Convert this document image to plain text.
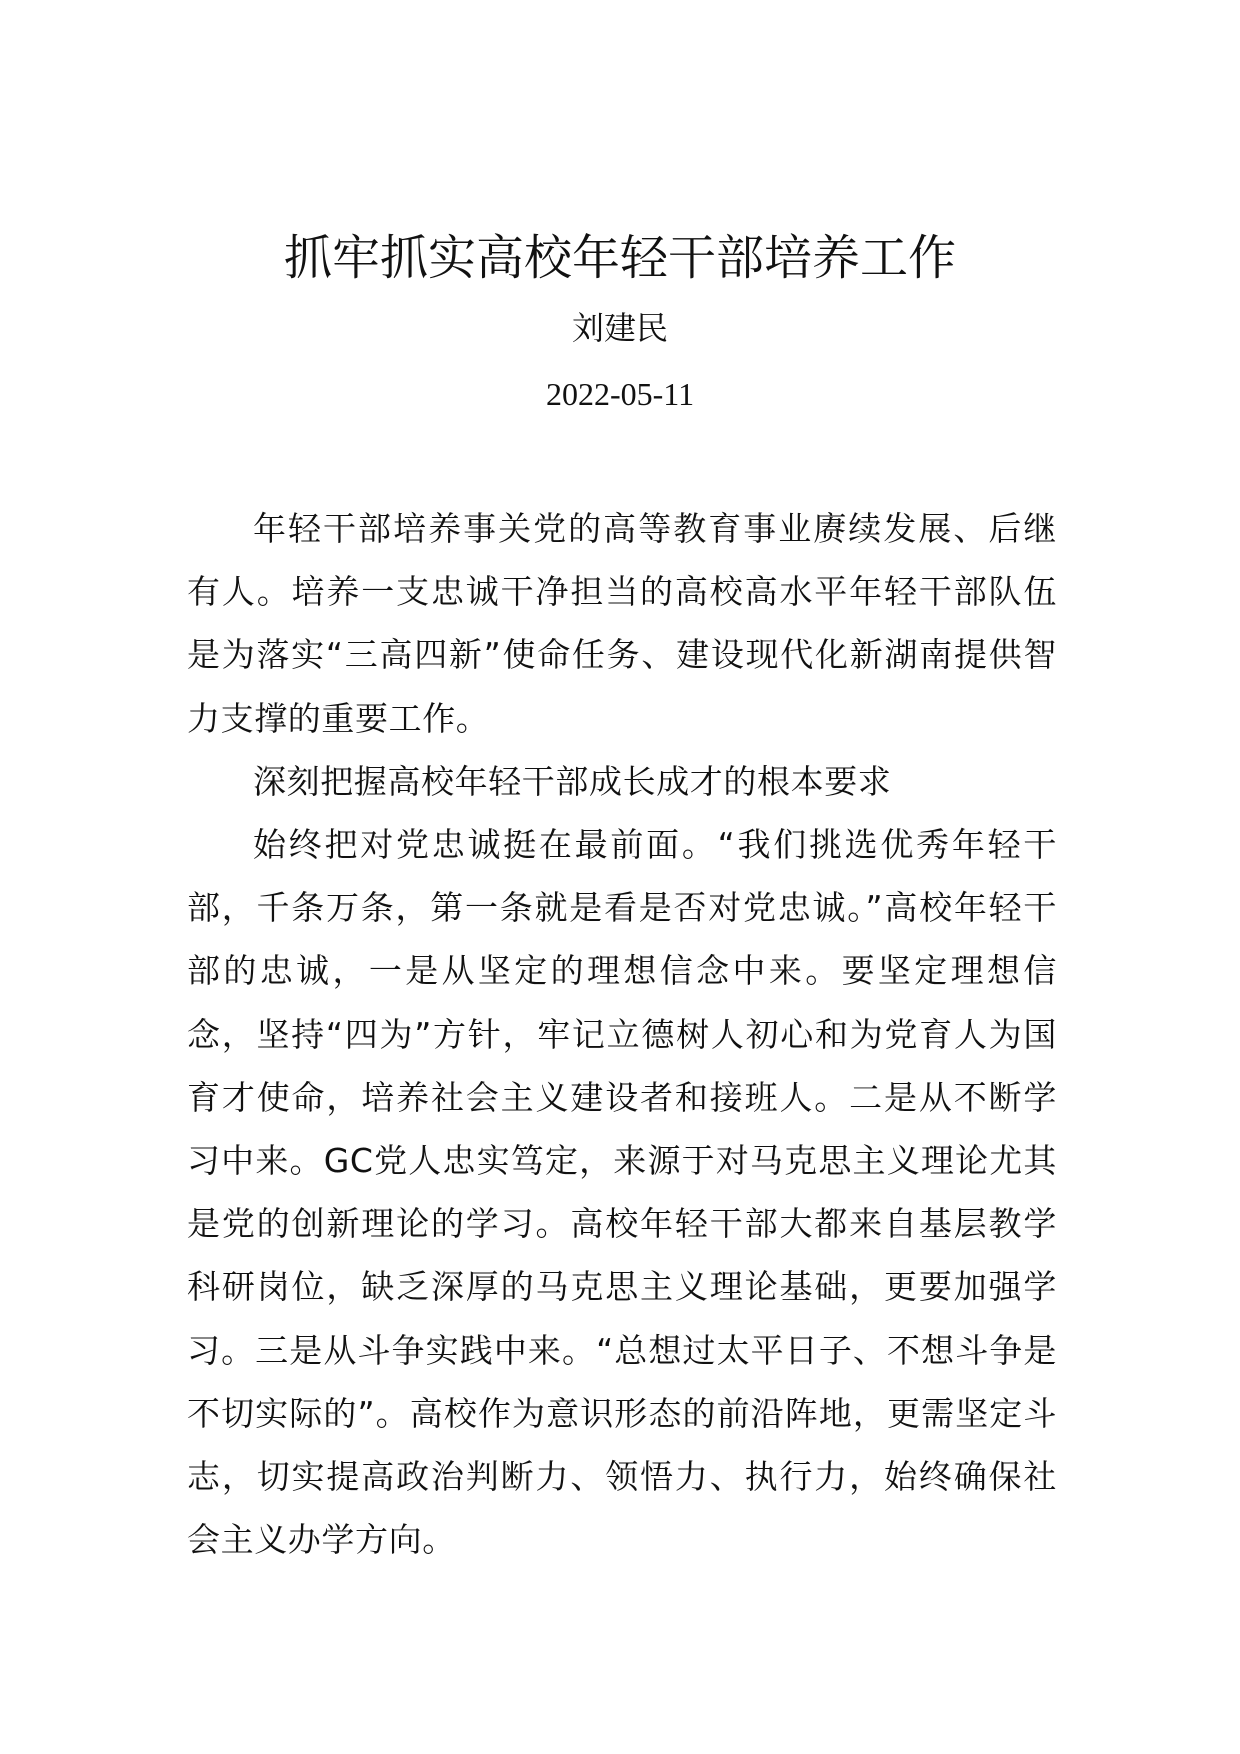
抓牢抓实高校年轻干部培养工作
刘建民
2022-05-11

年轻干部培养事关党的高等教育事业赓续发展、后继有人。培养一支忠诚干净担当的高校高水平年轻干部队伍是为落实“三高四新”使命任务、建设现代化新湖南提供智力支撑的重要工作。

深刻把握高校年轻干部成长成才的根本要求

始终把对党忠诚挺在最前面。“我们挑选优秀年轻干部，千条万条，第一条就是看是否对党忠诚。”高校年轻干部的忠诚，一是从坚定的理想信念中来。要坚定理想信念，坚持“四为”方针，牢记立德树人初心和为党育人为国育才使命，培养社会主义建设者和接班人。二是从不断学习中来。GC党人忠实笃定，来源于对马克思主义理论尤其是党的创新理论的学习。高校年轻干部大都来自基层教学科研岗位，缺乏深厚的马克思主义理论基础，更要加强学习。三是从斗争实践中来。“总想过太平日子、不想斗争是不切实际的”。高校作为意识形态的前沿阵地，更需坚定斗志，切实提高政治判断力、领悟力、执行力，始终确保社会主义办学方向。
